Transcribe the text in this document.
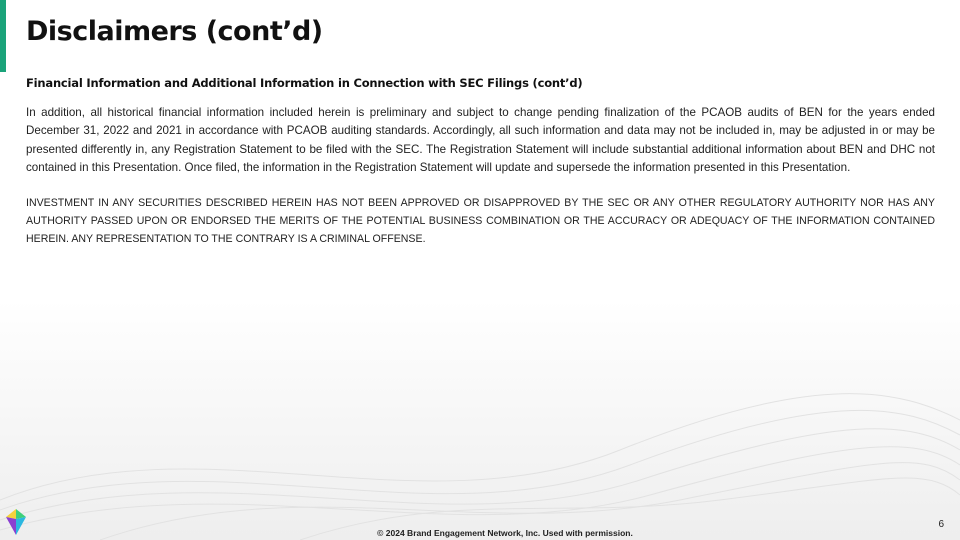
Disclaimers (cont’d)
Financial Information and Additional Information in Connection with SEC Filings (cont’d)

In addition, all historical financial information included herein is preliminary and subject to change pending finalization of the PCAOB audits of BEN for the years ended December 31, 2022 and 2021 in accordance with PCAOB auditing standards. Accordingly, all such information and data may not be included in, may be adjusted in or may be presented differently in, any Registration Statement to be filed with the SEC. The Registration Statement will include substantial additional information about BEN and DHC not contained in this Presentation. Once filed, the information in the Registration Statement will update and supersede the information presented in this Presentation.

INVESTMENT IN ANY SECURITIES DESCRIBED HEREIN HAS NOT BEEN APPROVED OR DISAPPROVED BY THE SEC OR ANY OTHER REGULATORY AUTHORITY NOR HAS ANY AUTHORITY PASSED UPON OR ENDORSED THE MERITS OF THE POTENTIAL BUSINESS COMBINATION OR THE ACCURACY OR ADEQUACY OF THE INFORMATION CONTAINED HEREIN. ANY REPRESENTATION TO THE CONTRARY IS A CRIMINAL OFFENSE.

6
© 2024 Brand Engagement Network, Inc. Used with permission.
